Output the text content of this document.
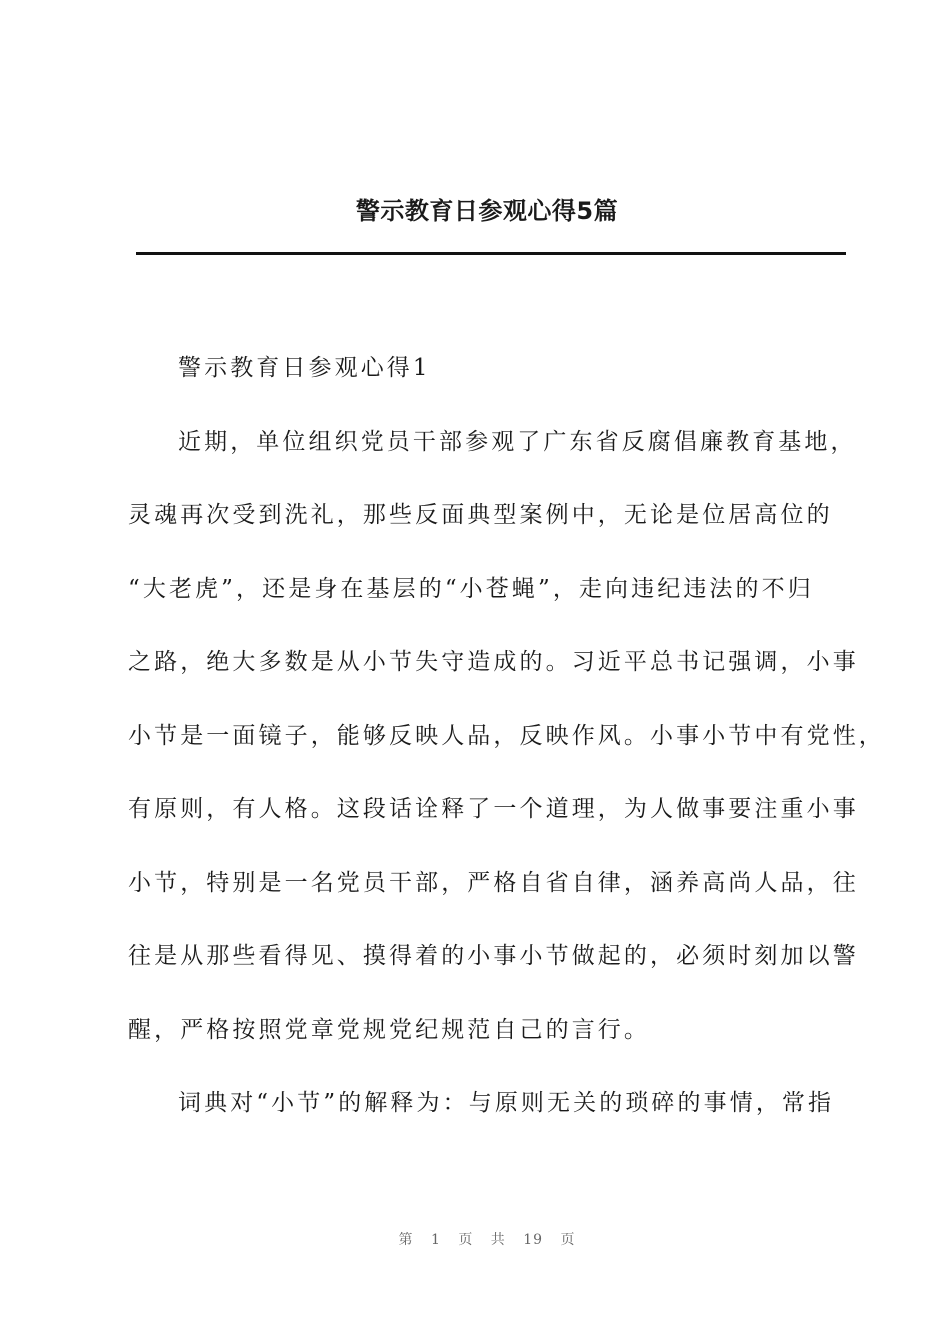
警示教育日参观心得5篇
警示教育日参观心得1
近期，单位组织党员干部参观了广东省反腐倡廉教育基地，
灵魂再次受到洗礼，那些反面典型案例中，无论是位居高位的
“大老虎”，还是身在基层的“小苍蝇”，走向违纪违法的不归
之路，绝大多数是从小节失守造成的。习近平总书记强调，小事
小节是一面镜子，能够反映人品，反映作风。小事小节中有党性，
有原则，有人格。这段话诠释了一个道理，为人做事要注重小事
小节，特别是一名党员干部，严格自省自律，涵养高尚人品，往
往是从那些看得见、摸得着的小事小节做起的，必须时刻加以警
醒，严格按照党章党规党纪规范自己的言行。
词典对“小节”的解释为：与原则无关的琐碎的事情，常指
第 1 页 共 19 页
